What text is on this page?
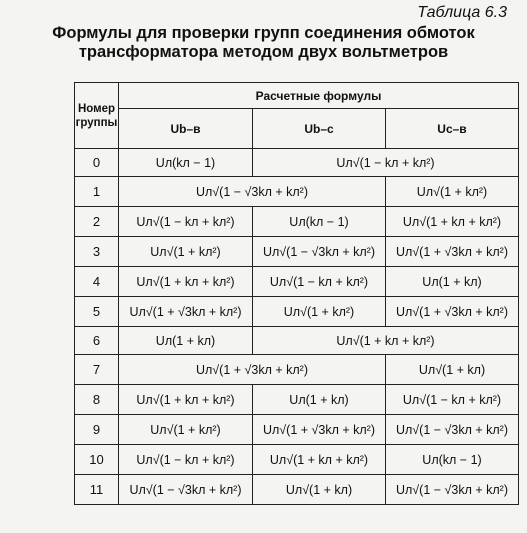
Таблица 6.3
Формулы для проверки групп соединения обмоток
трансформатора методом двух вольтметров
Номер группы	Расчетные формулы		
	Ub–в	Ub–c	Uc–в
0	Uл(kл − 1)	Uл√(1 − kл + kл²)	
1	Uл√(1 − √3kл + kл²)		Uл√(1 + kл²)
2	Uл√(1 − kл + kл²)	Uл(kл − 1)	Uл√(1 + kл + kл²)
3	Uл√(1 + kл²)	Uл√(1 − √3kл + kл²)	Uл√(1 + √3kл + kл²)
4	Uл√(1 + kл + kл²)	Uл√(1 − kл + kл²)	Uл(1 + kл)
5	Uл√(1 + √3kл + kл²)	Uл√(1 + kл²)	Uл√(1 + √3kл + kл²)
6	Uл(1 + kл)	Uл√(1 + kл + kл²)	
7	Uл√(1 + √3kл + kл²)		Uл√(1 + kл)
8	Uл√(1 + kл + kл²)	Uл(1 + kл)	Uл√(1 − kл + kл²)
9	Uл√(1 + kл²)	Uл√(1 + √3kл + kл²)	Uл√(1 − √3kл + kл²)
10	Uл√(1 − kл + kл²)	Uл√(1 + kл + kл²)	Uл(kл − 1)
11	Uл√(1 − √3kл + kл²)	Uл√(1 + kл)	Uл√(1 − √3kл + kл²)
